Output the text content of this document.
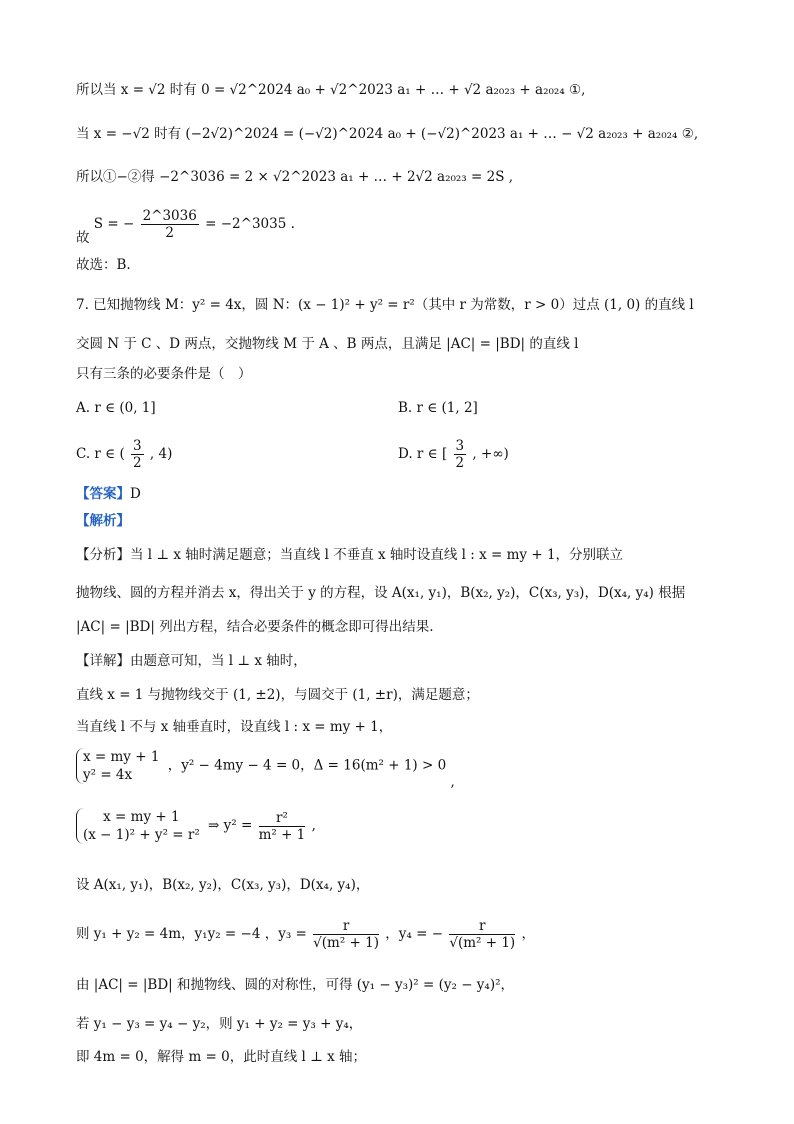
所以当 x = √2 时有 0 = √2^2024 a₀ + √2^2023 a₁ + … + √2 a₂₀₂₃ + a₂₀₂₄ ①,
当 x = −√2 时有 (−2√2)^2024 = (−√2)^2024 a₀ + (−√2)^2023 a₁ + … − √2 a₂₀₂₃ + a₂₀₂₄ ②,
所以①−②得 −2^3036 = 2 × √2^2023 a₁ + … + 2√2 a₂₀₂₃ = 2S ,
故 S = − $\frac{2\^{}3036}{2}$ = −2^3035 .
故选：B.
7. 已知抛物线 M：y² = 4x，圆 N：(x − 1)² + y² = r²（其中 r 为常数，r > 0）过点 (1, 0) 的直线 l
交圆 N 于 C 、D 两点，交抛物线 M 于 A 、B 两点，且满足 |AC| = |BD| 的直线 l
只有三条的必要条件是（　）
A. r ∈ (0, 1]	B. r ∈ (1, 2]
C. r ∈ ( $\frac{3}{2}$ , 4)	D. r ∈ [ $\frac{3}{2}$ , +∞)
【答案】D
【解析】
【分析】当 l ⊥ x 轴时满足题意；当直线 l 不垂直 x 轴时设直线 l : x = my + 1，分别联立
抛物线、圆的方程并消去 x，得出关于 y 的方程，设 A(x₁, y₁)，B(x₂, y₂)，C(x₃, y₃)，D(x₄, y₄) 根据
|AC| = |BD| 列出方程，结合必要条件的概念即可得出结果.
【详解】由题意可知，当 l ⊥ x 轴时，
直线 x = 1 与抛物线交于 (1, ±2)，与圆交于 (1, ±r)，满足题意；
当直线 l 不与 x 轴垂直时，设直线 l : x = my + 1，
x = my + 1
y² = 4x
，y² − 4my − 4 = 0，Δ = 16(m² + 1) > 0 ,
x = my + 1
(x − 1)² + y² = r²
⇒ $y^2 = \frac{\text{r²}}{\text{m² + 1}}$ ,
设 A(x₁, y₁)，B(x₂, y₂)，C(x₃, y₃)，D(x₄, y₄)，
则 y₁ + y₂ = 4m，y₁y₂ = −4 ，$y_3 = \frac{r}{\text{√(m² + 1)}}$ ，y₄ = − $\frac{r}{\text{√(m² + 1)}}$ ，
由 |AC| = |BD| 和抛物线、圆的对称性，可得 (y₁ − y₃)² = (y₂ − y₄)²，
若 y₁ − y₃ = y₄ − y₂，则 y₁ + y₂ = y₃ + y₄，
即 4m = 0，解得 m = 0，此时直线 l ⊥ x 轴；
